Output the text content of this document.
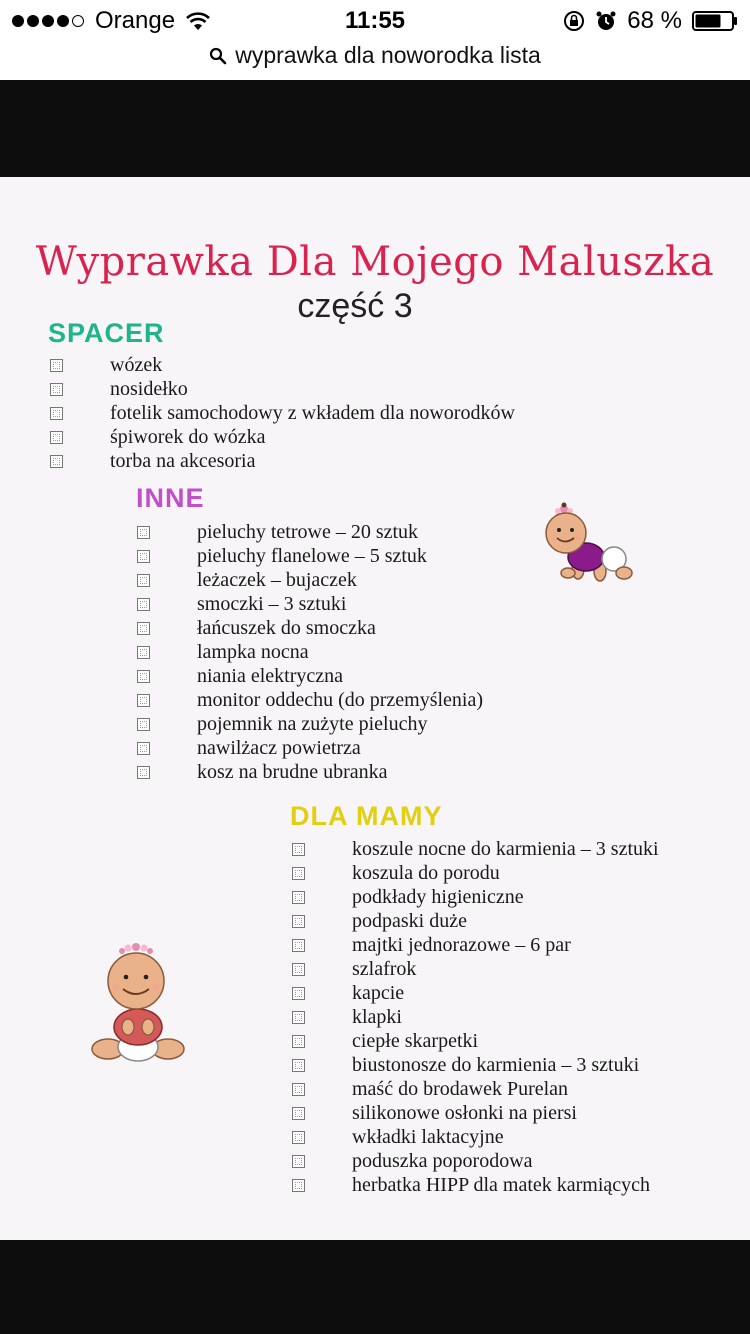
Orange	11:55	68 %
wyprawka dla noworodka lista
Wyprawka Dla Mojego Maluszka
część 3
SPACER
wózek
nosidełko
fotelik samochodowy z wkładem dla noworodków
śpiworek do wózka
torba na akcesoria
INNE
pieluchy tetrowe – 20 sztuk
pieluchy flanelowe – 5 sztuk
leżaczek – bujaczek
smoczki – 3 sztuki
łańcuszek do smoczka
lampka nocna
niania elektryczna
monitor oddechu (do przemyślenia)
pojemnik na zużyte pieluchy
nawilżacz powietrza
kosz na brudne ubranka
DLA MAMY
koszule nocne do karmienia – 3 sztuki
koszula do porodu
podkłady higieniczne
podpaski duże
majtki jednorazowe – 6 par
szlafrok
kapcie
klapki
ciepłe skarpetki
biustonosze do karmienia – 3 sztuki
maść do brodawek Purelan
silikonowe osłonki na piersi
wkładki laktacyjne
poduszka poporodowa
herbatka HIPP dla matek karmiących
